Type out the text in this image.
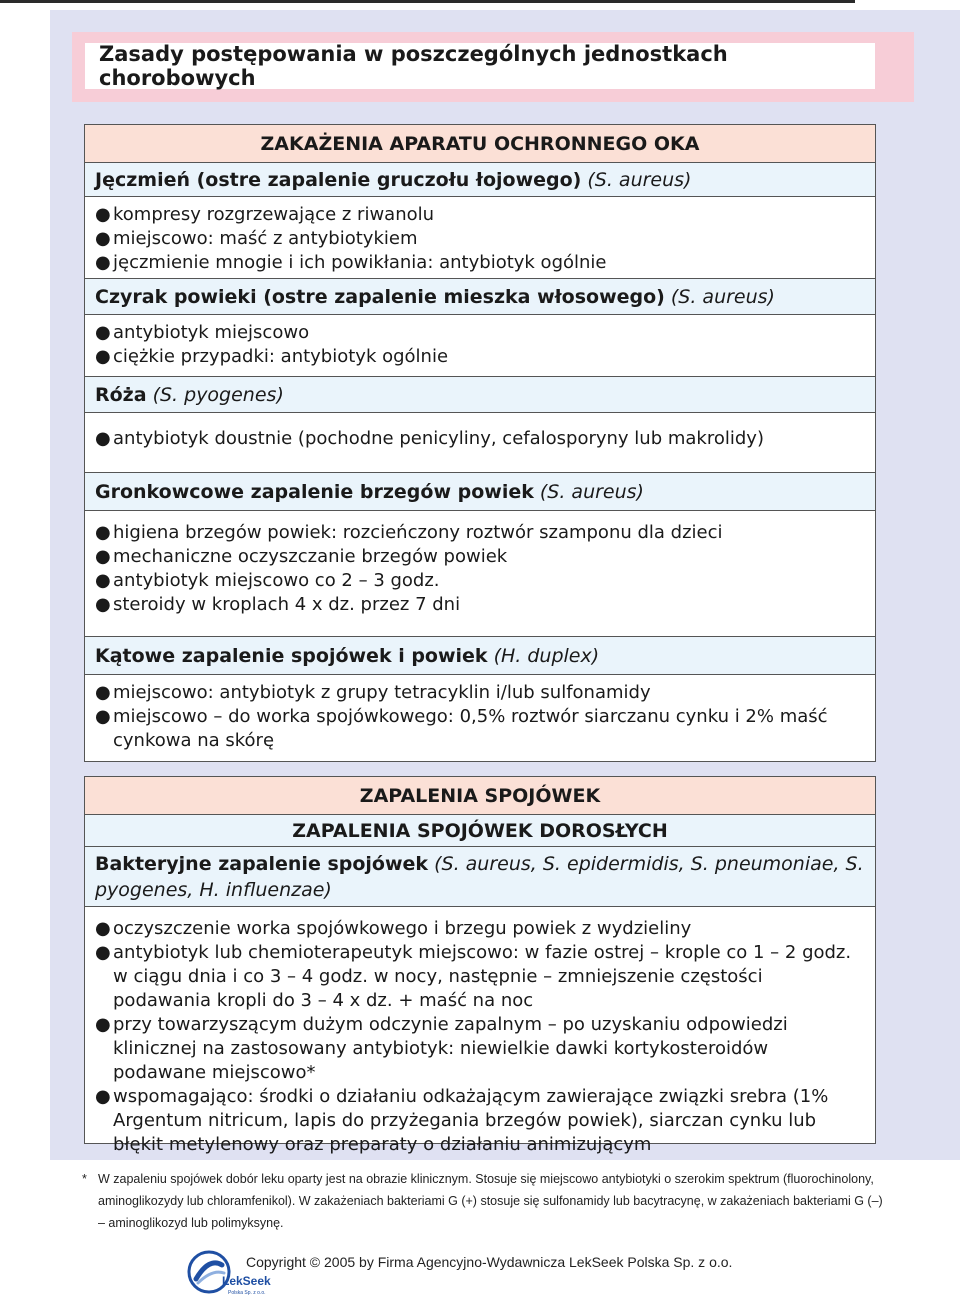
Zasady postępowania w poszczególnych jednostkach chorobowych
ZAKAŻENIA APARATU OCHRONNEGO OKA
Jęczmień (ostre zapalenie gruczołu łojowego) (S. aureus)
● kompresy rozgrzewające z riwanolu
● miejscowo: maść z antybiotykiem
● jęczmienie mnogie i ich powikłania: antybiotyk ogólnie
Czyrak powieki (ostre zapalenie mieszka włosowego) (S. aureus)
● antybiotyk miejscowo
● ciężkie przypadki: antybiotyk ogólnie
Róża (S. pyogenes)
● antybiotyk doustnie (pochodne penicyliny, cefalosporyny lub makrolidy)
Gronkowcowe zapalenie brzegów powiek (S. aureus)
● higiena brzegów powiek: rozcieńczony roztwór szamponu dla dzieci
● mechaniczne oczyszczanie brzegów powiek
● antybiotyk miejscowo co 2 – 3 godz.
● steroidy w kroplach 4 x dz. przez 7 dni
Kątowe zapalenie spojówek i powiek (H. duplex)
● miejscowo: antybiotyk z grupy tetracyklin i/lub sulfonamidy
● miejscowo – do worka spojówkowego: 0,5% roztwór siarczanu cynku i 2% maść cynkowa na skórę
ZAPALENIA SPOJÓWEK
ZAPALENIA SPOJÓWEK DOROSŁYCH
Bakteryjne zapalenie spojówek (S. aureus, S. epidermidis, S. pneumoniae, S. pyogenes, H. influenzae)
● oczyszczenie worka spojówkowego i brzegu powiek z wydzieliny
● antybiotyk lub chemioterapeutyk miejscowo: w fazie ostrej – krople co 1 – 2 godz. w ciągu dnia i co 3 – 4 godz. w nocy, następnie – zmniejszenie częstości podawania kropli do 3 – 4 x dz. + maść na noc
● przy towarzyszącym dużym odczynie zapalnym – po uzyskaniu odpowiedzi klinicznej na zastosowany antybiotyk: niewielkie dawki kortykosteroidów podawane miejscowo*
● wspomagająco: środki o działaniu odkażającym zawierające związki srebra (1% Argentum nitricum, lapis do przyżegania brzegów powiek), siarczan cynku lub błękit metylenowy oraz preparaty o działaniu animizującym
* W zapaleniu spojówek dobór leku oparty jest na obrazie klinicznym. Stosuje się miejscowo antybiotyki o szerokim spektrum (fluorochinolony, aminoglikozydy lub chloramfenikol). W zakażeniach bakteriami G (+) stosuje się sulfonamidy lub bacytracynę, w zakażeniach bakteriami G (–) – aminoglikozyd lub polimyksynę.
LekSeek
Polska Sp. z o.o.
Copyright © 2005 by Firma Agencyjno-Wydawnicza LekSeek Polska Sp. z o.o.
